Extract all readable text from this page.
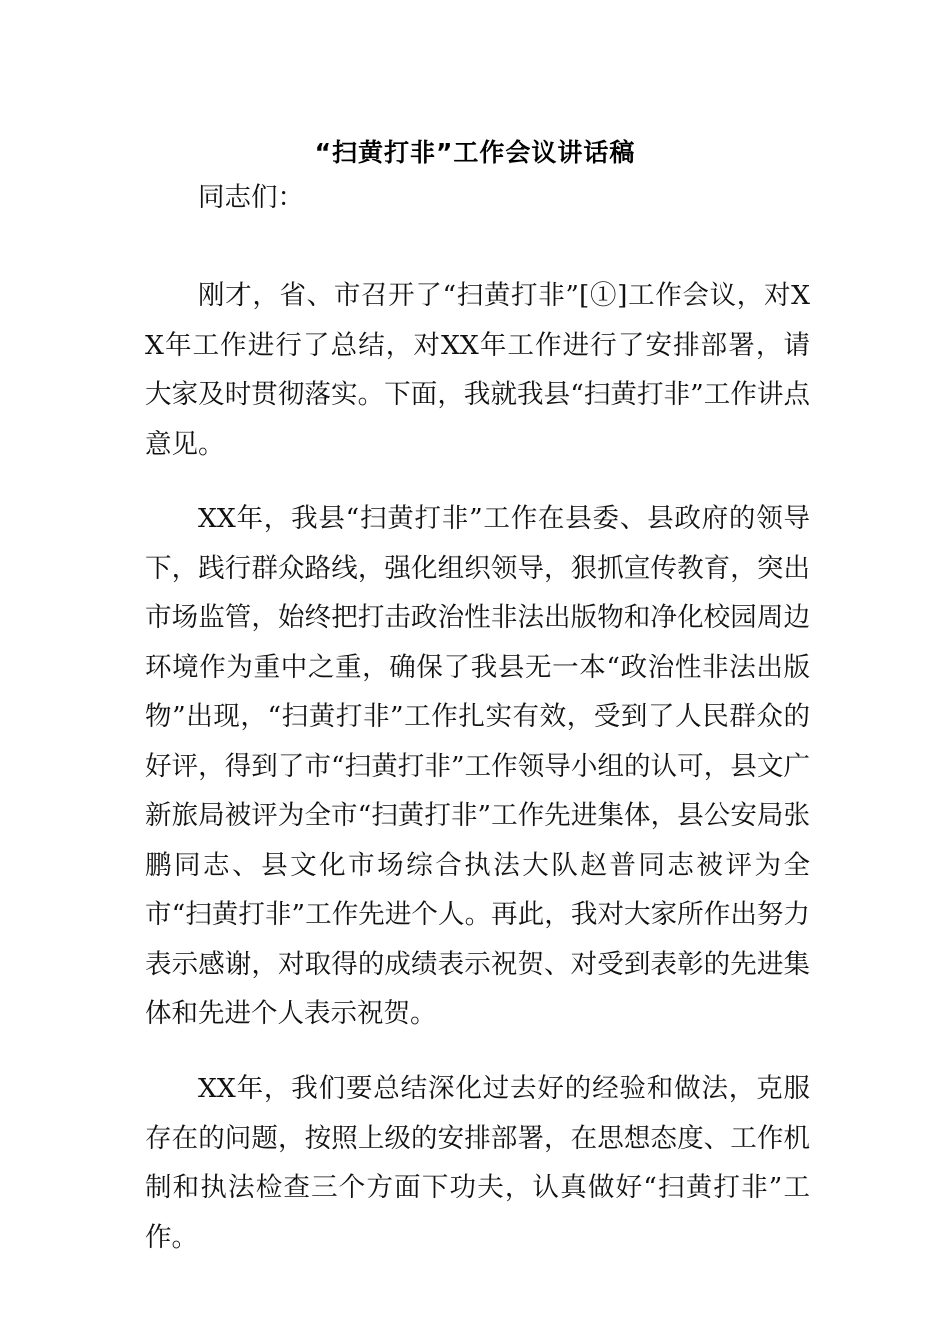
“扫黄打非”工作会议讲话稿

同志们：

刚才，省、市召开了“扫黄打非”[①]工作会议，对XX年工作进行了总结，对XX年工作进行了安排部署，请大家及时贯彻落实。下面，我就我县“扫黄打非”工作讲点意见。

XX年，我县“扫黄打非”工作在县委、县政府的领导下，践行群众路线，强化组织领导，狠抓宣传教育，突出市场监管，始终把打击政治性非法出版物和净化校园周边环境作为重中之重，确保了我县无一本“政治性非法出版物”出现，“扫黄打非”工作扎实有效，受到了人民群众的好评，得到了市“扫黄打非”工作领导小组的认可，县文广新旅局被评为全市“扫黄打非”工作先进集体，县公安局张鹏同志、县文化市场综合执法大队赵普同志被评为全市“扫黄打非”工作先进个人。再此，我对大家所作出努力表示感谢，对取得的成绩表示祝贺、对受到表彰的先进集体和先进个人表示祝贺。

XX年，我们要总结深化过去好的经验和做法，克服存在的问题，按照上级的安排部署，在思想态度、工作机制和执法检查三个方面下功夫，认真做好“扫黄打非”工作。
